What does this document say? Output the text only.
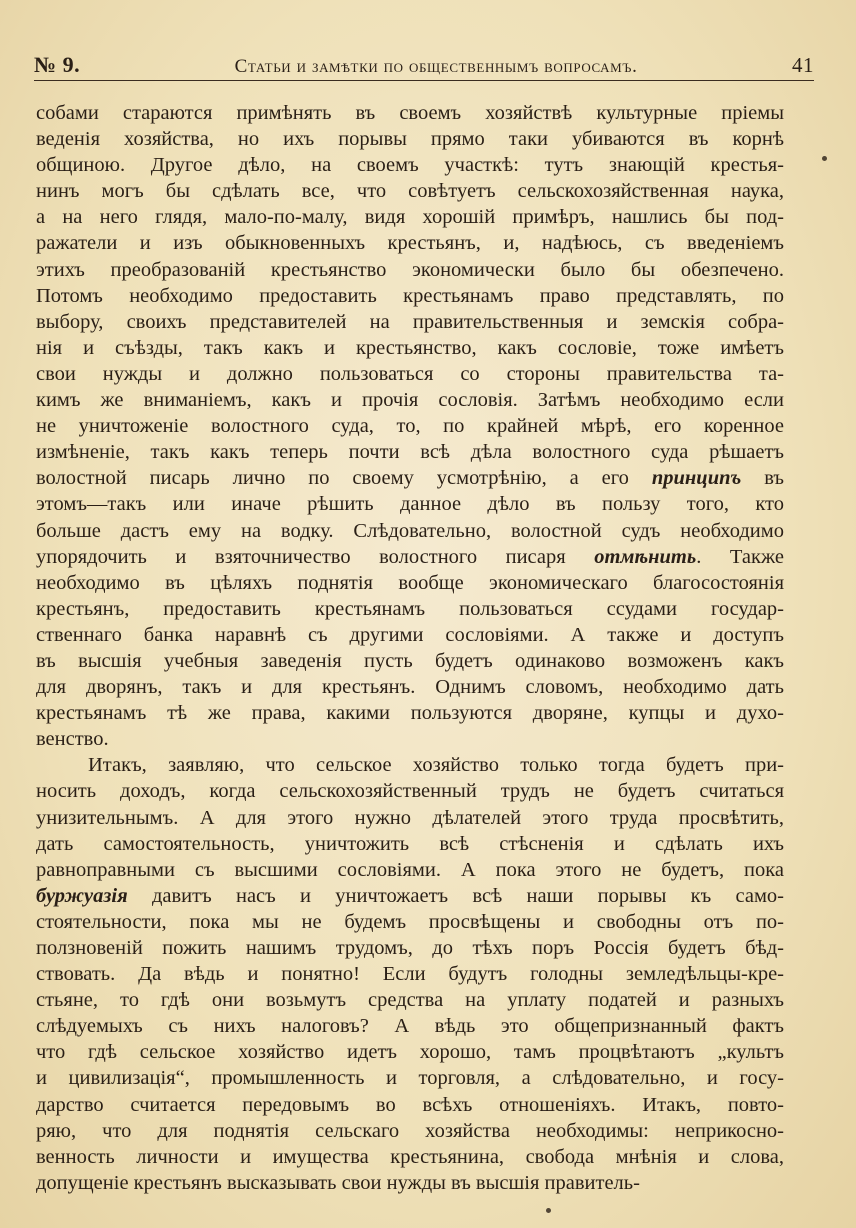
№ 9.	Статьи и замѣтки по общественнымъ вопросамъ.	41
собами стараются примѣнять въ своемъ хозяйствѣ культурные пріемы
веденія хозяйства, но ихъ порывы прямо таки убиваются въ корнѣ
общиною. Другое дѣло, на своемъ участкѣ: тутъ знающій крестья-
нинъ могъ бы сдѣлать все, что совѣтуетъ сельскохозяйственная наука,
а на него глядя, мало-по-малу, видя хорошій примѣръ, нашлись бы под-
ражатели и изъ обыкновенныхъ крестьянъ, и, надѣюсь, съ введеніемъ
этихъ преобразованій крестьянство экономически было бы обезпечено.
Потомъ необходимо предоставить крестьянамъ право представлять, по
выбору, своихъ представителей на правительственныя и земскія собра-
нія и съѣзды, такъ какъ и крестьянство, какъ сословіе, тоже имѣетъ
свои нужды и должно пользоваться со стороны правительства та-
кимъ же вниманіемъ, какъ и прочія сословія. Затѣмъ необходимо если
не уничтоженіе волостного суда, то, по крайней мѣрѣ, его коренное
измѣненіе, такъ какъ теперь почти всѣ дѣла волостного суда рѣшаетъ
волостной писарь лично по своему усмотрѣнію, а его принципъ въ
этомъ—такъ или иначе рѣшить данное дѣло въ пользу того, кто
больше дастъ ему на водку. Слѣдовательно, волостной судъ необходимо
упорядочить и взяточничество волостного писаря отмѣнить. Также
необходимо въ цѣляхъ поднятія вообще экономическаго благосостоянія
крестьянъ, предоставить крестьянамъ пользоваться ссудами государ-
ственнаго банка наравнѣ съ другими сословіями. А также и доступъ
въ высшія учебныя заведенія пусть будетъ одинаково возможенъ какъ
для дворянъ, такъ и для крестьянъ. Однимъ словомъ, необходимо дать
крестьянамъ тѣ же права, какими пользуются дворяне, купцы и духо-
венство.
Итакъ, заявляю, что сельское хозяйство только тогда будетъ при-
носить доходъ, когда сельскохозяйственный трудъ не будетъ считаться
унизительнымъ. А для этого нужно дѣлателей этого труда просвѣтить,
дать самостоятельность, уничтожить всѣ стѣсненія и сдѣлать ихъ
равноправными съ высшими сословіями. А пока этого не будетъ, пока
буржуазія давитъ насъ и уничтожаетъ всѣ наши порывы къ само-
стоятельности, пока мы не будемъ просвѣщены и свободны отъ по-
ползновеній пожить нашимъ трудомъ, до тѣхъ поръ Россія будетъ бѣд-
ствовать. Да вѣдь и понятно! Если будутъ голодны земледѣльцы-кре-
стьяне, то гдѣ они возьмутъ средства на уплату податей и разныхъ
слѣдуемыхъ съ нихъ налоговъ? А вѣдь это общепризнанный фактъ
что гдѣ сельское хозяйство идетъ хорошо, тамъ процвѣтаютъ „культъ
и цивилизація“, промышленность и торговля, а слѣдовательно, и госу-
дарство считается передовымъ во всѣхъ отношеніяхъ. Итакъ, повто-
ряю, что для поднятія сельскаго хозяйства необходимы: неприкосно-
венность личности и имущества крестьянина, свобода мнѣнія и слова,
допущеніе крестьянъ высказывать свои нужды въ высшія правитель-
